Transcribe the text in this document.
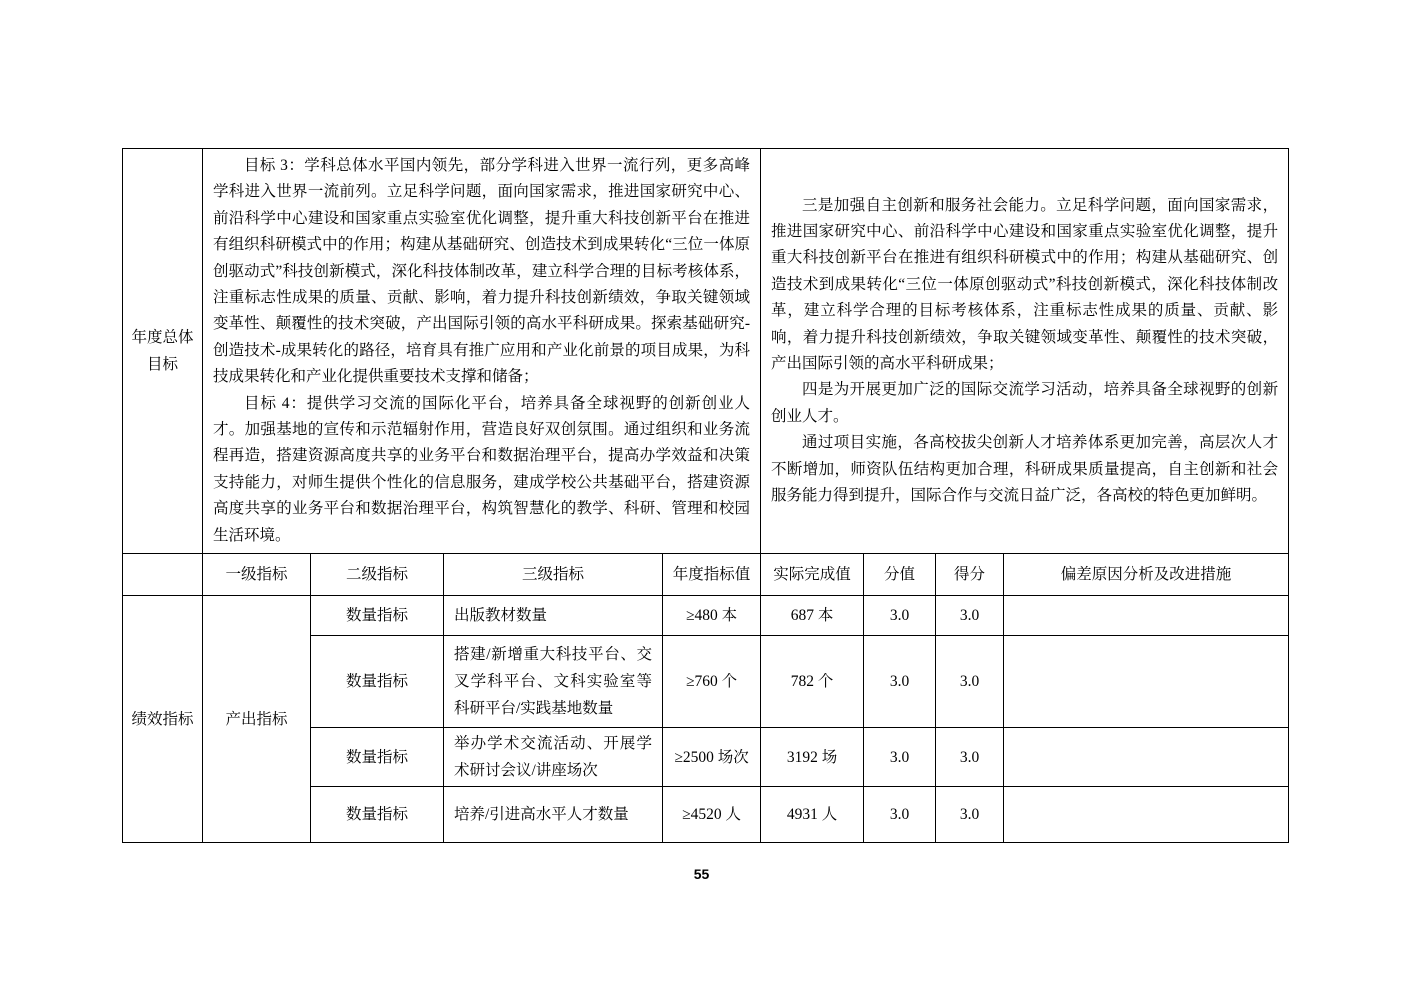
年度总体目标	

目标 3：学科总体水平国内领先，部分学科进入世界一流行列，更多高峰学科进入世界一流前列。立足科学问题，面向国家需求，推进国家研究中心、前沿科学中心建设和国家重点实验室优化调整，提升重大科技创新平台在推进有组织科研模式中的作用；构建从基础研究、创造技术到成果转化“三位一体原创驱动式”科技创新模式，深化科技体制改革，建立科学合理的目标考核体系，注重标志性成果的质量、贡献、影响，着力提升科技创新绩效，争取关键领域变革性、颠覆性的技术突破，产出国际引领的高水平科研成果。探索基础研究-创造技术-成果转化的路径，培育具有推广应用和产业化前景的项目成果，为科技成果转化和产业化提供重要技术支撑和储备；

目标 4：提供学习交流的国际化平台，培养具备全球视野的创新创业人才。加强基地的宣传和示范辐射作用，营造良好双创氛围。通过组织和业务流程再造，搭建资源高度共享的业务平台和数据治理平台，提高办学效益和决策支持能力，对师生提供个性化的信息服务，建成学校公共基础平台，搭建资源高度共享的业务平台和数据治理平台，构筑智慧化的教学、科研、管理和校园生活环境。

三是加强自主创新和服务社会能力。立足科学问题，面向国家需求，推进国家研究中心、前沿科学中心建设和国家重点实验室优化调整，提升重大科技创新平台在推进有组织科研模式中的作用；构建从基础研究、创造技术到成果转化“三位一体原创驱动式”科技创新模式，深化科技体制改革，建立科学合理的目标考核体系，注重标志性成果的质量、贡献、影响，着力提升科技创新绩效，争取关键领域变革性、颠覆性的技术突破，产出国际引领的高水平科研成果；

四是为开展更加广泛的国际交流学习活动，培养具备全球视野的创新创业人才。

通过项目实施，各高校拔尖创新人才培养体系更加完善，高层次人才不断增加，师资队伍结构更加合理，科研成果质量提高，自主创新和社会服务能力得到提升，国际合作与交流日益广泛，各高校的特色更加鲜明。

	一级指标	二级指标	三级指标	年度指标值	实际完成值	分值	得分	偏差原因分析及改进措施
绩效指标	产出指标	数量指标	出版教材数量	≥480 本	687 本	3.0	3.0	
		数量指标	搭建/新增重大科技平台、交叉学科平台、文科实验室等科研平台/实践基地数量	≥760 个	782 个	3.0	3.0	
		数量指标	举办学术交流活动、开展学术研讨会议/讲座场次	≥2500 场次	3192 场	3.0	3.0	
		数量指标	培养/引进高水平人才数量	≥4520 人	4931 人	3.0	3.0	
55
